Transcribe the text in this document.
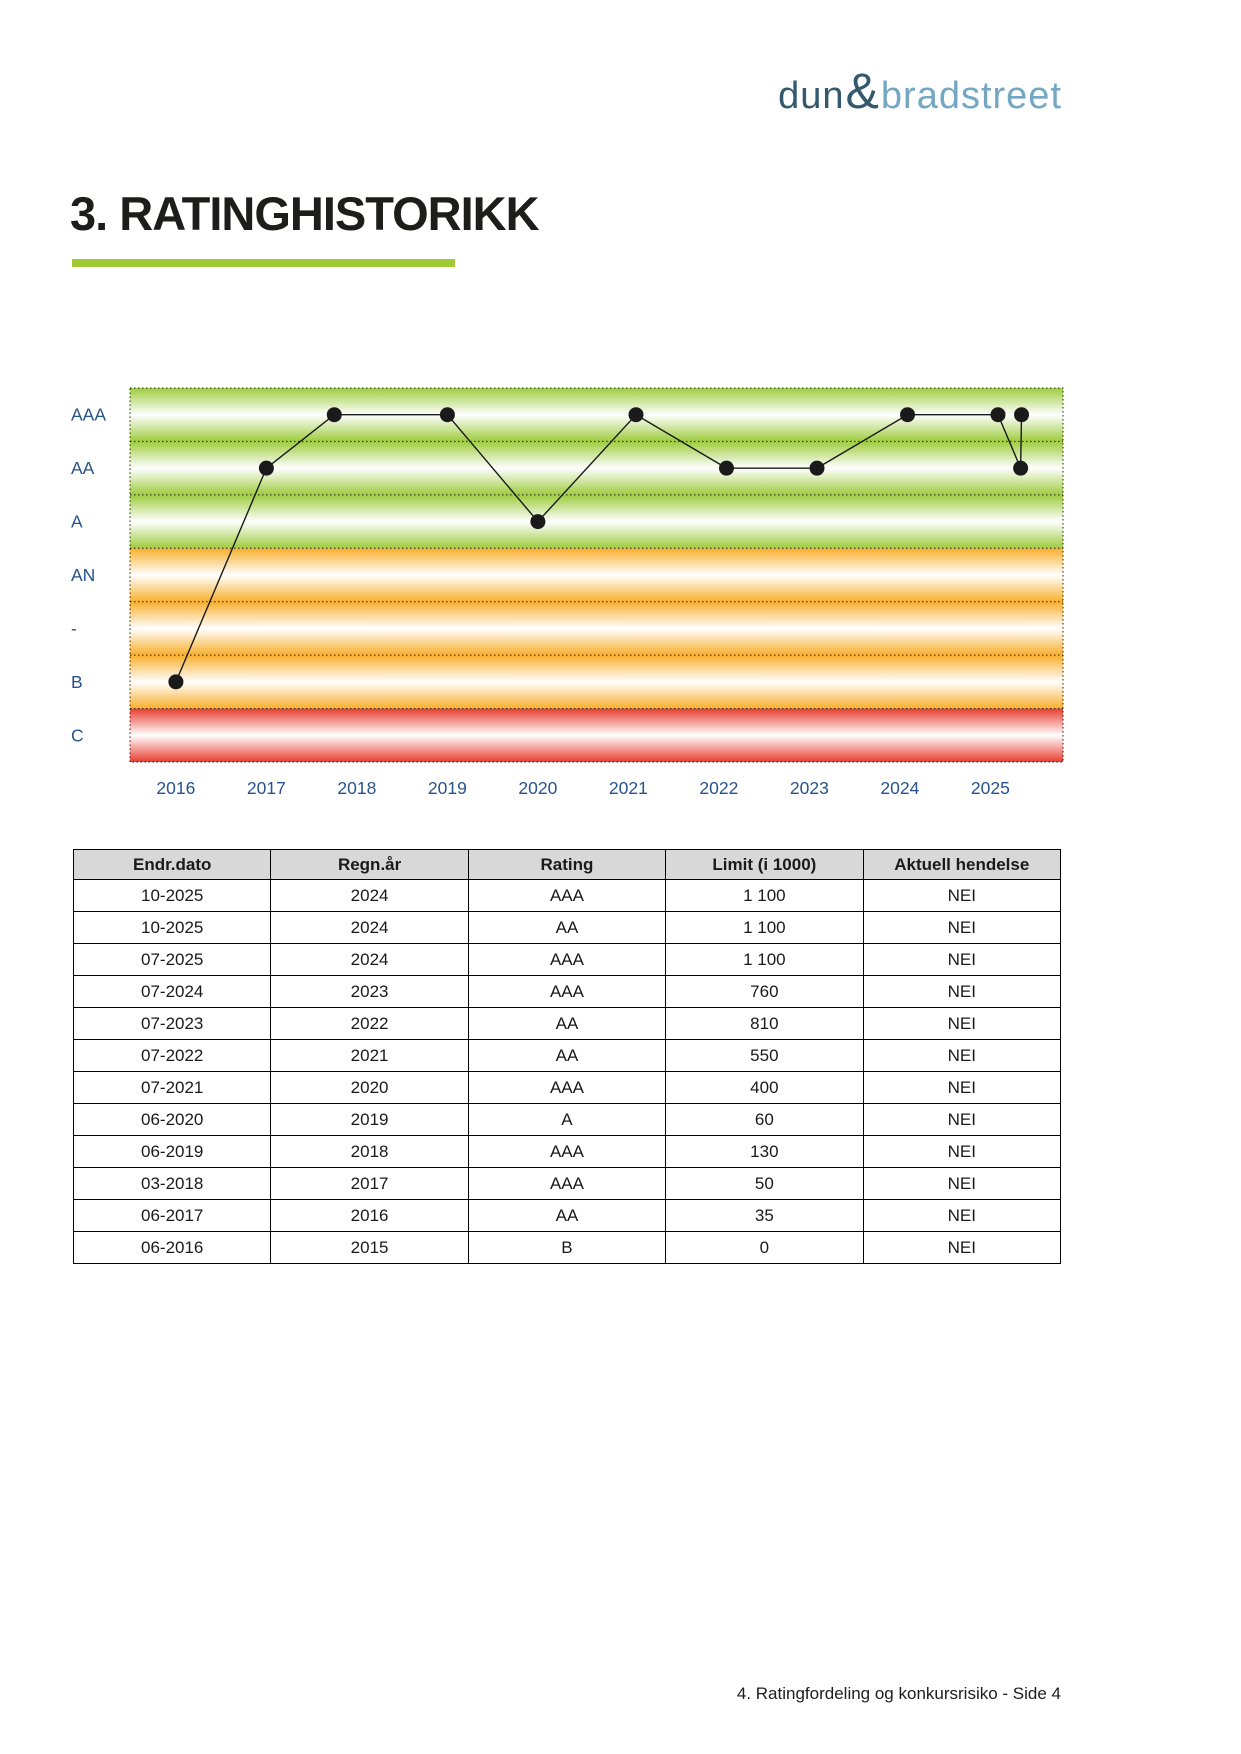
dun & bradstreet
3. RATINGHISTORIKK
AAA
AA
A
AN
-
B
C
2016	2017	2018	2019	2020	2021	2022	2023	2024	2025
Endr.dato	Regn.år	Rating	Limit (i 1000)	Aktuell hendelse
10-2025	2024	AAA	1 100	NEI
10-2025	2024	AA	1 100	NEI
07-2025	2024	AAA	1 100	NEI
07-2024	2023	AAA	760	NEI
07-2023	2022	AA	810	NEI
07-2022	2021	AA	550	NEI
07-2021	2020	AAA	400	NEI
06-2020	2019	A	60	NEI
06-2019	2018	AAA	130	NEI
03-2018	2017	AAA	50	NEI
06-2017	2016	AA	35	NEI
06-2016	2015	B	0	NEI
4. Ratingfordeling og konkursrisiko - Side 4
